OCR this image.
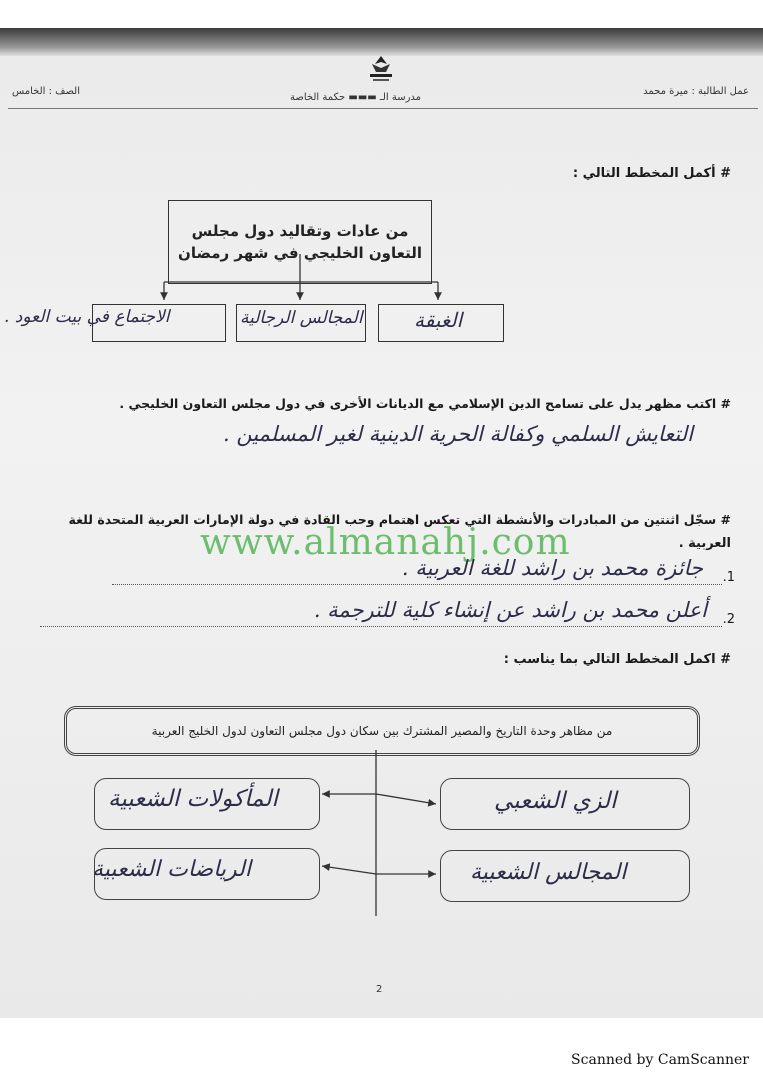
الصف : الخامس
مدرسة الـ ▬▬▬ حكمة الخاصة
عمل الطالبة : ميرة محمد
# أكمل المخطط التالي :
من عادات وتقاليد دول مجلس
التعاون الخليجي في شهر رمضان
الغبقة
المجالس الرجالية
الاجتماع في بيت العود .
# اكتب مظهر يدل على تسامح الدين الإسلامي مع الديانات الأخرى في دول مجلس التعاون الخليجي .
التعايش السلمي وكفالة الحرية الدينية لغير المسلمين .
www.almanahj.com
# سجّل اثنتين من المبادرات والأنشطة التي تعكس اهتمام وحب القادة في دولة الإمارات العربية المتحدة للغة
العربية .
1.
جائزة محمد بن راشد للغة العربية .
2.
أعلن محمد بن راشد عن إنشاء كلية للترجمة .
# اكمل المخطط التالي بما يناسب :
من مظاهر وحدة التاريخ والمصير المشترك بين سكان دول مجلس التعاون لدول الخليج العربية
الزي الشعبي
المأكولات الشعبية
المجالس الشعبية
الرياضات الشعبية
2
Scanned by CamScanner
